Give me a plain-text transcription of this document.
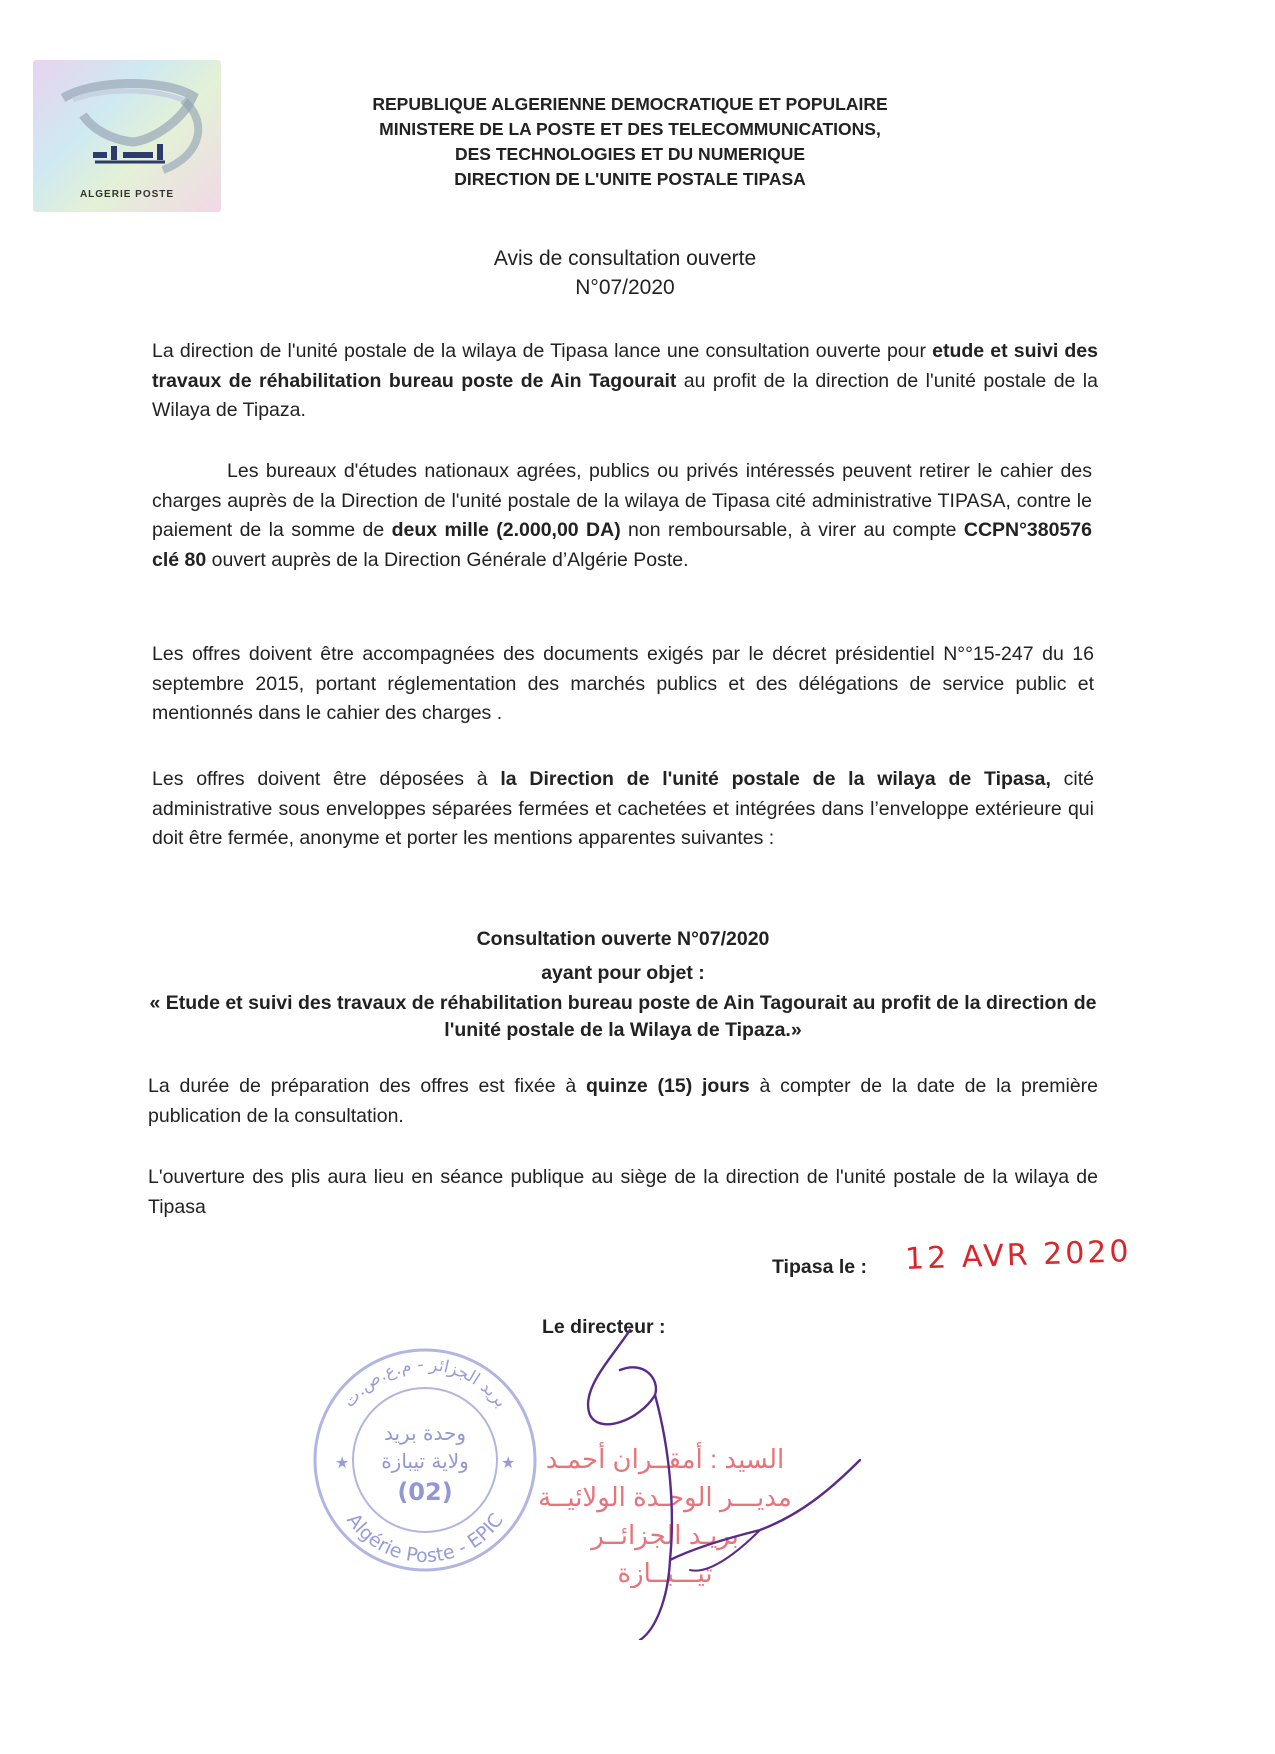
ALGERIE POSTE
REPUBLIQUE ALGERIENNE DEMOCRATIQUE ET POPULAIRE
MINISTERE DE LA POSTE ET DES TELECOMMUNICATIONS,
DES TECHNOLOGIES ET DU NUMERIQUE
DIRECTION DE L'UNITE POSTALE TIPASA
Avis de consultation ouverte
N°07/2020
La direction de l'unité postale de la wilaya de Tipasa lance une consultation ouverte pour etude et suivi des travaux de réhabilitation bureau poste de Ain Tagourait au profit de la direction de l'unité postale de la Wilaya de Tipaza.
Les bureaux d'études nationaux agrées, publics ou privés intéressés peuvent retirer le cahier des charges auprès de la Direction de l'unité postale de la wilaya de Tipasa cité administrative TIPASA, contre le paiement de la somme de deux mille (2.000,00 DA) non remboursable, à virer au compte CCPN°380576 clé 80 ouvert auprès de la Direction Générale d’Algérie Poste.
Les offres doivent être accompagnées des documents exigés par le décret présidentiel N°°15-247 du 16 septembre 2015, portant réglementation des marchés publics et des délégations de service public et mentionnés dans le cahier des charges .
Les offres doivent être déposées à la Direction de l'unité postale de la wilaya de Tipasa, cité administrative sous enveloppes séparées fermées et cachetées et intégrées dans l’enveloppe extérieure qui doit être fermée, anonyme et porter les mentions apparentes suivantes :
Consultation ouverte N°07/2020
ayant pour objet :
« Etude et suivi des travaux de réhabilitation bureau poste de Ain Tagourait au profit de la direction de l'unité postale de la Wilaya de Tipaza.»
La durée de préparation des offres est fixée à quinze (15) jours à compter de la date de la première publication de la consultation.
L'ouverture des plis aura lieu en séance publique au siège de la direction de l'unité postale de la wilaya de Tipasa
Tipasa le : 12 AVR 2020
Le directeur :
بريد الجزائر - م.ع.ص.ت
Algérie Poste - EPIC
وحدة بريد
ولاية تيبازة
(02)
★	★	السيد : أمقــران أحمـد
مديـــر الوحـدة الولائيــة
بريـد الجزائــر
تيـــبــازة
